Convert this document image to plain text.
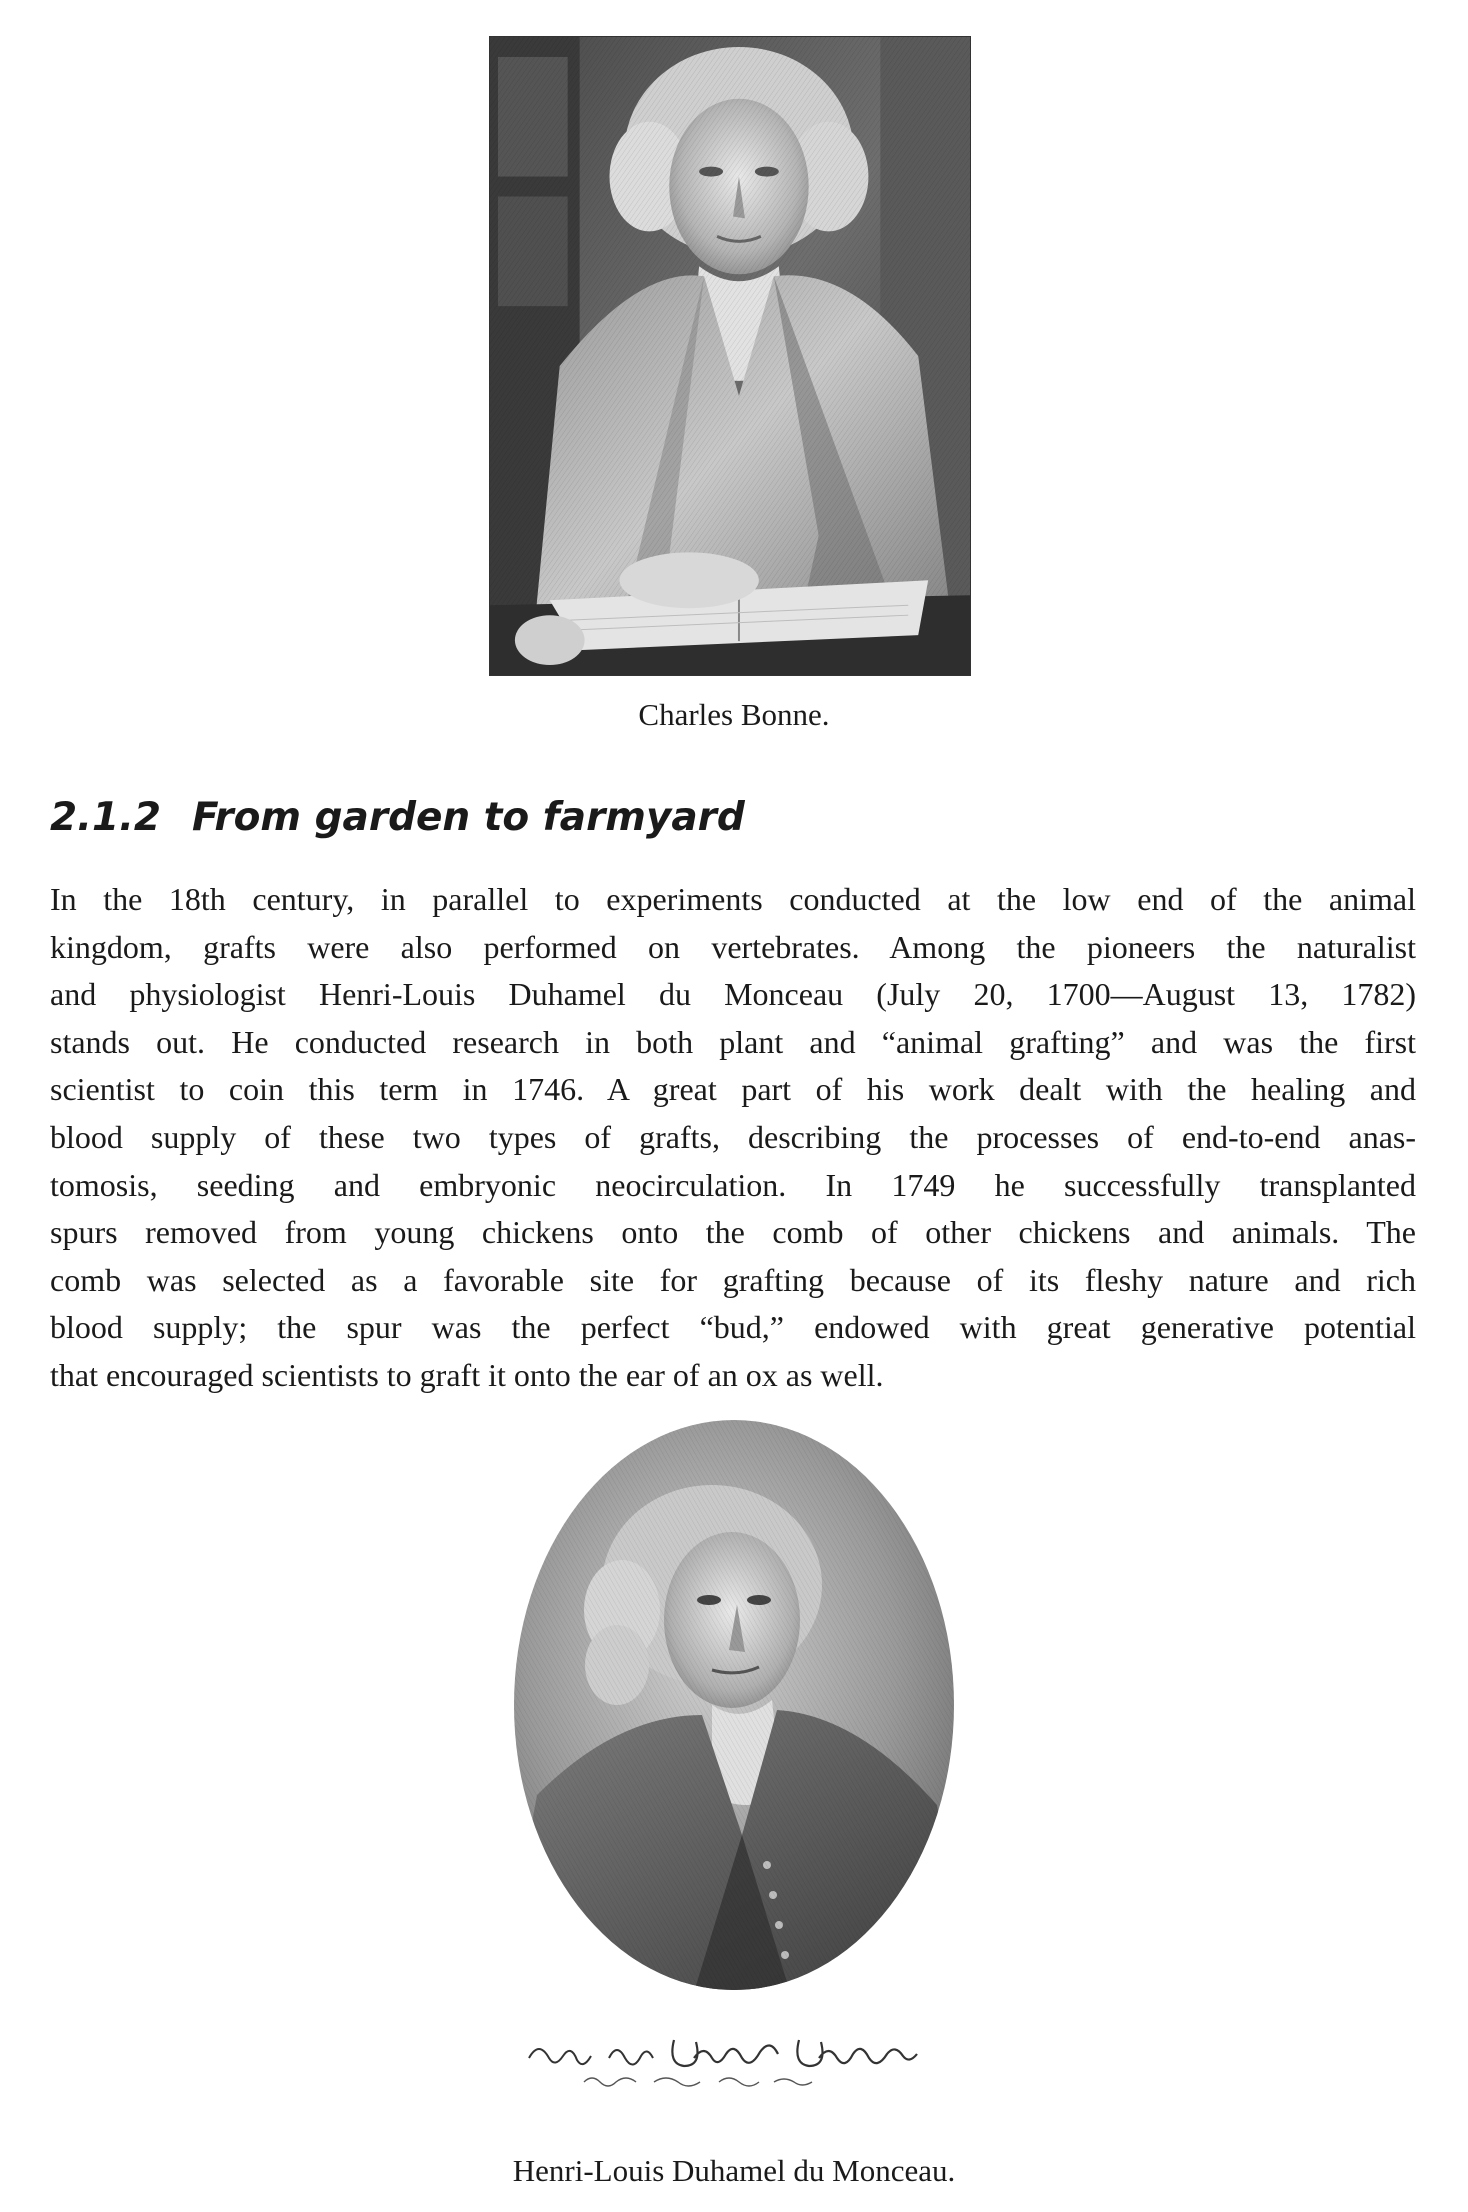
Charles Bonne.

2.1.2 From garden to farmyard

In the 18th century, in parallel to experiments conducted at the low end of the animal
kingdom, grafts were also performed on vertebrates. Among the pioneers the naturalist
and physiologist Henri-Louis Duhamel du Monceau (July 20, 1700—August 13, 1782)
stands out. He conducted research in both plant and “animal grafting” and was the first
scientist to coin this term in 1746. A great part of his work dealt with the healing and
blood supply of these two types of grafts, describing the processes of end-to-end anas-
tomosis, seeding and embryonic neocirculation. In 1749 he successfully transplanted
spurs removed from young chickens onto the comb of other chickens and animals. The
comb was selected as a favorable site for grafting because of its fleshy nature and rich
blood supply; the spur was the perfect “bud,” endowed with great generative potential
that encouraged scientists to graft it onto the ear of an ox as well.

Henri-Louis Duhamel du Monceau.
